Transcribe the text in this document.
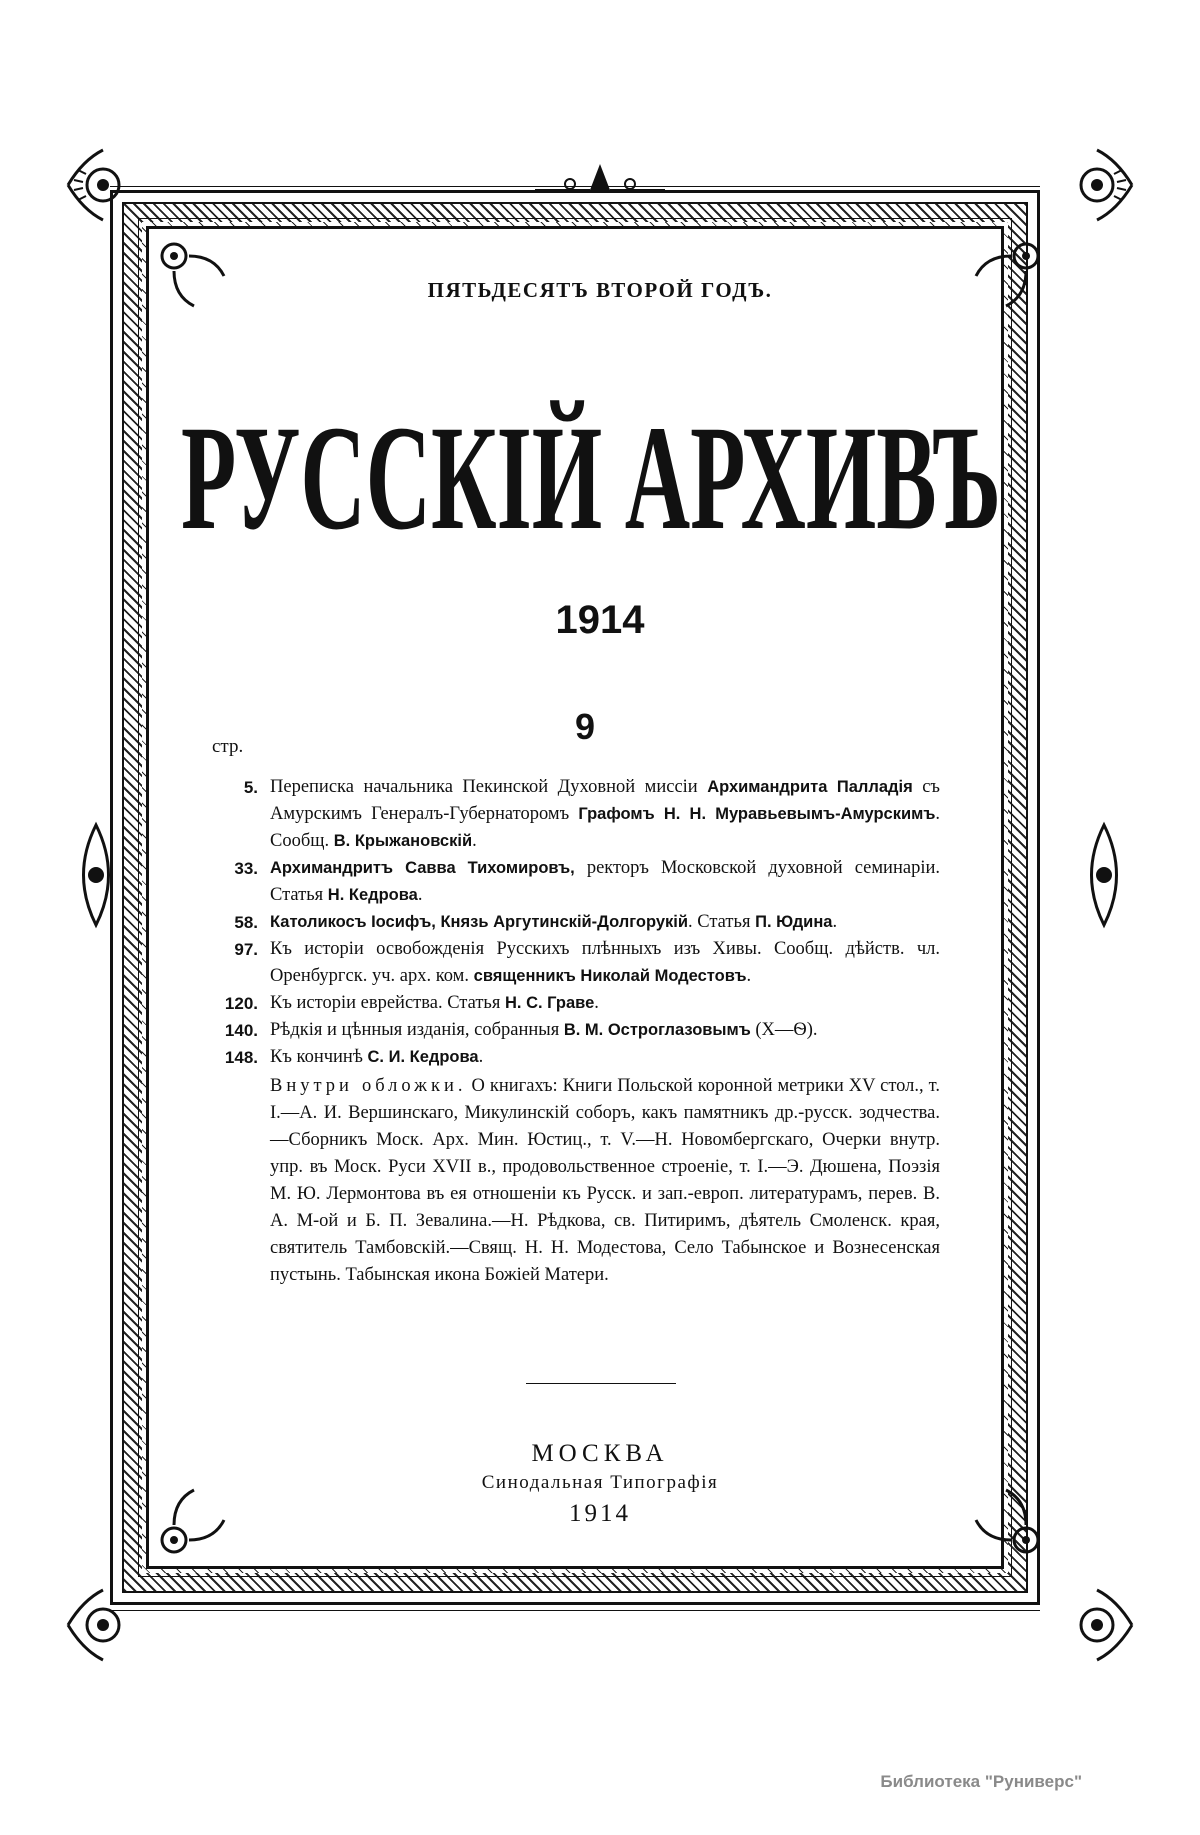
ПЯТЬДЕСЯТЪ ВТОРОЙ ГОДЪ.
РУССКІЙ АРХИВЪ
1914
9
стр.
5. Переписка начальника Пекинской Духовной миссіи Архимандрита Палладія съ Амурскимъ Генералъ-Губернаторомъ Графомъ Н. Н. Муравьевымъ-Амурскимъ. Сообщ. В. Крыжановскій.
33. Архимандритъ Савва Тихомировъ, ректоръ Московской духовной семинаріи. Статья Н. Кедрова.
58. Католикосъ Іосифъ, Князь Аргутинскій-Долгорукій. Статья П. Юдина.
97. Къ исторіи освобожденія Русскихъ плѣнныхъ изъ Хивы. Сообщ. дѣйств. чл. Оренбургск. уч. арх. ком. священникъ Николай Модестовъ.
120. Къ исторіи еврейства. Статья Н. С. Граве.
140. Рѣдкія и цѣнныя изданія, собранныя В. М. Остроглазовымъ (Х—Ѳ).
148. Къ кончинѣ С. И. Кедрова.
Внутри обложки. О книгахъ: Книги Польской коронной метрики XV стол., т. I.—А. И. Вершинскаго, Микулинскій соборъ, какъ памятникъ др.-русск. зодчества.—Сборникъ Моск. Арх. Мин. Юстиц., т. V.—Н. Новомбергскаго, Очерки внутр. упр. въ Моск. Руси XVII в., продовольственное строеніе, т. I.—Э. Дюшена, Поэзія М. Ю. Лермонтова въ ея отношеніи къ Русск. и зап.-европ. литературамъ, перев. В. А. М-ой и Б. П. Зевалина.—Н. Рѣдкова, св. Питиримъ, дѣятель Смоленск. края, святитель Тамбовскій.—Свящ. Н. Н. Модестова, Село Табынское и Вознесенская пустынь. Табынская икона Божіей Матери.
МОСКВА
Синодальная Типографія
1914
Библиотека "Руниверс"
